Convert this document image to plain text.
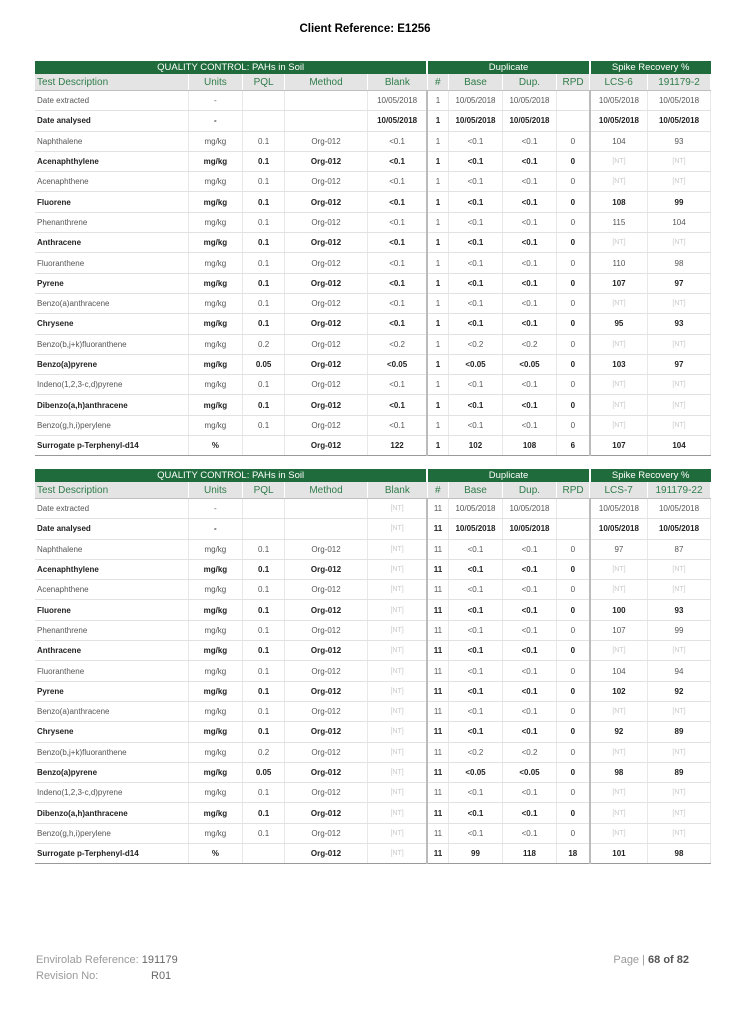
Client Reference: E1256
QUALITY CONTROL: PAHs in Soil					Duplicate				Spike Recovery %	
Test Description	Units	PQL	Method	Blank	#	Base	Dup.	RPD	LCS-6	191179-2
Date extracted	-			10/05/2018	1	10/05/2018	10/05/2018		10/05/2018	10/05/2018
Date analysed	-			10/05/2018	1	10/05/2018	10/05/2018		10/05/2018	10/05/2018
Naphthalene	mg/kg	0.1	Org-012	<0.1	1	<0.1	<0.1	0	104	93
Acenaphthylene	mg/kg	0.1	Org-012	<0.1	1	<0.1	<0.1	0	[NT]	[NT]
Acenaphthene	mg/kg	0.1	Org-012	<0.1	1	<0.1	<0.1	0	[NT]	[NT]
Fluorene	mg/kg	0.1	Org-012	<0.1	1	<0.1	<0.1	0	108	99
Phenanthrene	mg/kg	0.1	Org-012	<0.1	1	<0.1	<0.1	0	115	104
Anthracene	mg/kg	0.1	Org-012	<0.1	1	<0.1	<0.1	0	[NT]	[NT]
Fluoranthene	mg/kg	0.1	Org-012	<0.1	1	<0.1	<0.1	0	110	98
Pyrene	mg/kg	0.1	Org-012	<0.1	1	<0.1	<0.1	0	107	97
Benzo(a)anthracene	mg/kg	0.1	Org-012	<0.1	1	<0.1	<0.1	0	[NT]	[NT]
Chrysene	mg/kg	0.1	Org-012	<0.1	1	<0.1	<0.1	0	95	93
Benzo(b,j+k)fluoranthene	mg/kg	0.2	Org-012	<0.2	1	<0.2	<0.2	0	[NT]	[NT]
Benzo(a)pyrene	mg/kg	0.05	Org-012	<0.05	1	<0.05	<0.05	0	103	97
Indeno(1,2,3-c,d)pyrene	mg/kg	0.1	Org-012	<0.1	1	<0.1	<0.1	0	[NT]	[NT]
Dibenzo(a,h)anthracene	mg/kg	0.1	Org-012	<0.1	1	<0.1	<0.1	0	[NT]	[NT]
Benzo(g,h,i)perylene	mg/kg	0.1	Org-012	<0.1	1	<0.1	<0.1	0	[NT]	[NT]
Surrogate p-Terphenyl-d14	%		Org-012	122	1	102	108	6	107	104
QUALITY CONTROL: PAHs in Soil					Duplicate				Spike Recovery %	
Test Description	Units	PQL	Method	Blank	#	Base	Dup.	RPD	LCS-7	191179-22
Date extracted	-			[NT]	11	10/05/2018	10/05/2018		10/05/2018	10/05/2018
Date analysed	-			[NT]	11	10/05/2018	10/05/2018		10/05/2018	10/05/2018
Naphthalene	mg/kg	0.1	Org-012	[NT]	11	<0.1	<0.1	0	97	87
Acenaphthylene	mg/kg	0.1	Org-012	[NT]	11	<0.1	<0.1	0	[NT]	[NT]
Acenaphthene	mg/kg	0.1	Org-012	[NT]	11	<0.1	<0.1	0	[NT]	[NT]
Fluorene	mg/kg	0.1	Org-012	[NT]	11	<0.1	<0.1	0	100	93
Phenanthrene	mg/kg	0.1	Org-012	[NT]	11	<0.1	<0.1	0	107	99
Anthracene	mg/kg	0.1	Org-012	[NT]	11	<0.1	<0.1	0	[NT]	[NT]
Fluoranthene	mg/kg	0.1	Org-012	[NT]	11	<0.1	<0.1	0	104	94
Pyrene	mg/kg	0.1	Org-012	[NT]	11	<0.1	<0.1	0	102	92
Benzo(a)anthracene	mg/kg	0.1	Org-012	[NT]	11	<0.1	<0.1	0	[NT]	[NT]
Chrysene	mg/kg	0.1	Org-012	[NT]	11	<0.1	<0.1	0	92	89
Benzo(b,j+k)fluoranthene	mg/kg	0.2	Org-012	[NT]	11	<0.2	<0.2	0	[NT]	[NT]
Benzo(a)pyrene	mg/kg	0.05	Org-012	[NT]	11	<0.05	<0.05	0	98	89
Indeno(1,2,3-c,d)pyrene	mg/kg	0.1	Org-012	[NT]	11	<0.1	<0.1	0	[NT]	[NT]
Dibenzo(a,h)anthracene	mg/kg	0.1	Org-012	[NT]	11	<0.1	<0.1	0	[NT]	[NT]
Benzo(g,h,i)perylene	mg/kg	0.1	Org-012	[NT]	11	<0.1	<0.1	0	[NT]	[NT]
Surrogate p-Terphenyl-d14	%		Org-012	[NT]	11	99	118	18	101	98
Envirolab Reference: 191179
Revision No:	R01
Page | 68 of 82
